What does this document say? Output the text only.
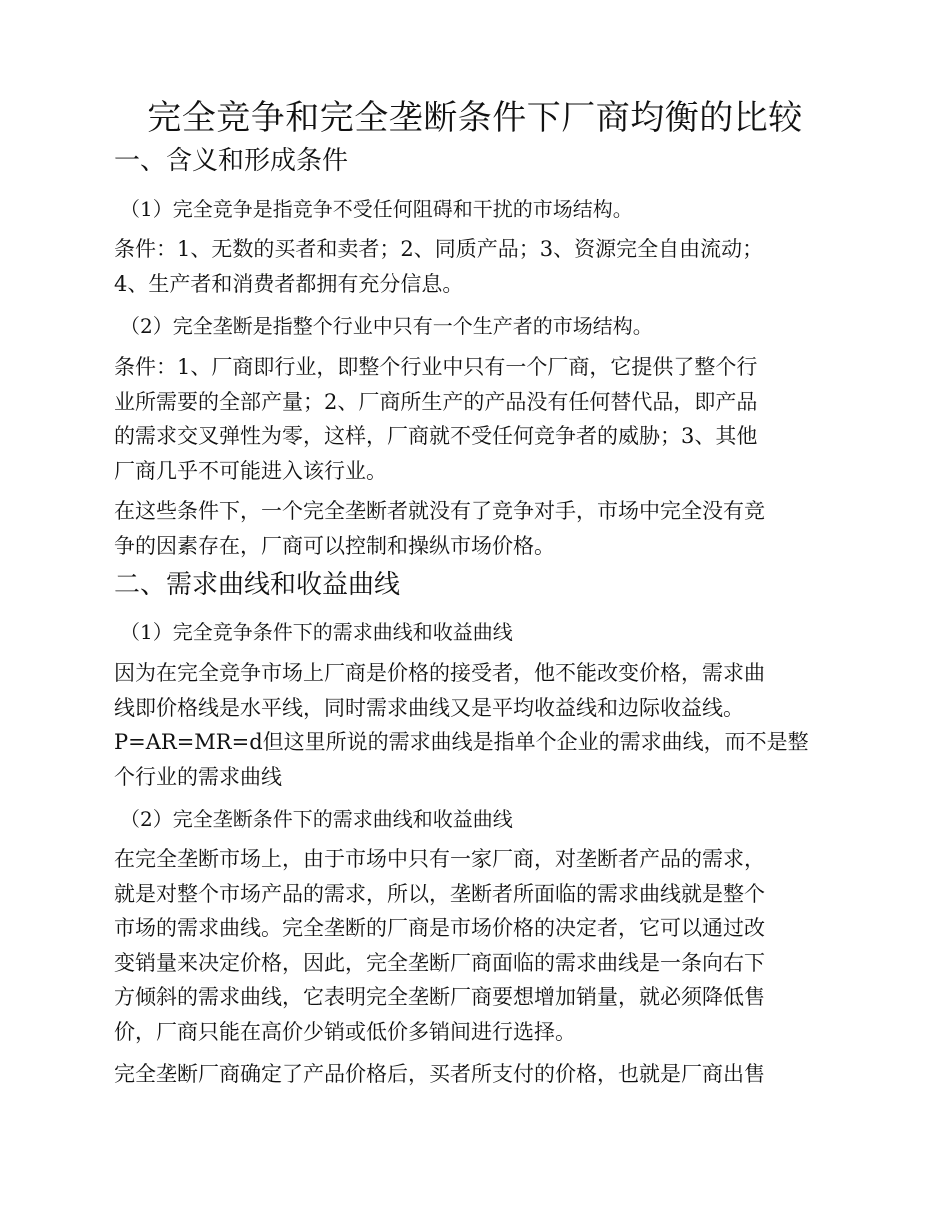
完全竞争和完全垄断条件下厂商均衡的比较
一、含义和形成条件
（1）完全竞争是指竞争不受任何阻碍和干扰的市场结构。
条件：1、无数的买者和卖者；2、同质产品；3、资源完全自由流动；
4、生产者和消费者都拥有充分信息。
（2）完全垄断是指整个行业中只有一个生产者的市场结构。
条件：1、厂商即行业，即整个行业中只有一个厂商，它提供了整个行
业所需要的全部产量；2、厂商所生产的产品没有任何替代品，即产品
的需求交叉弹性为零，这样，厂商就不受任何竞争者的威胁；3、其他
厂商几乎不可能进入该行业。
在这些条件下，一个完全垄断者就没有了竞争对手，市场中完全没有竞
争的因素存在，厂商可以控制和操纵市场价格。
二、需求曲线和收益曲线
（1）完全竞争条件下的需求曲线和收益曲线
因为在完全竞争市场上厂商是价格的接受者，他不能改变价格，需求曲
线即价格线是水平线，同时需求曲线又是平均收益线和边际收益线。
P=AR=MR=d但这里所说的需求曲线是指单个企业的需求曲线，而不是整
个行业的需求曲线
（2）完全垄断条件下的需求曲线和收益曲线
在完全垄断市场上，由于市场中只有一家厂商，对垄断者产品的需求，
就是对整个市场产品的需求，所以，垄断者所面临的需求曲线就是整个
市场的需求曲线。完全垄断的厂商是市场价格的决定者，它可以通过改
变销量来决定价格，因此，完全垄断厂商面临的需求曲线是一条向右下
方倾斜的需求曲线，它表明完全垄断厂商要想增加销量，就必须降低售
价，厂商只能在高价少销或低价多销间进行选择。
完全垄断厂商确定了产品价格后，买者所支付的价格，也就是厂商出售
